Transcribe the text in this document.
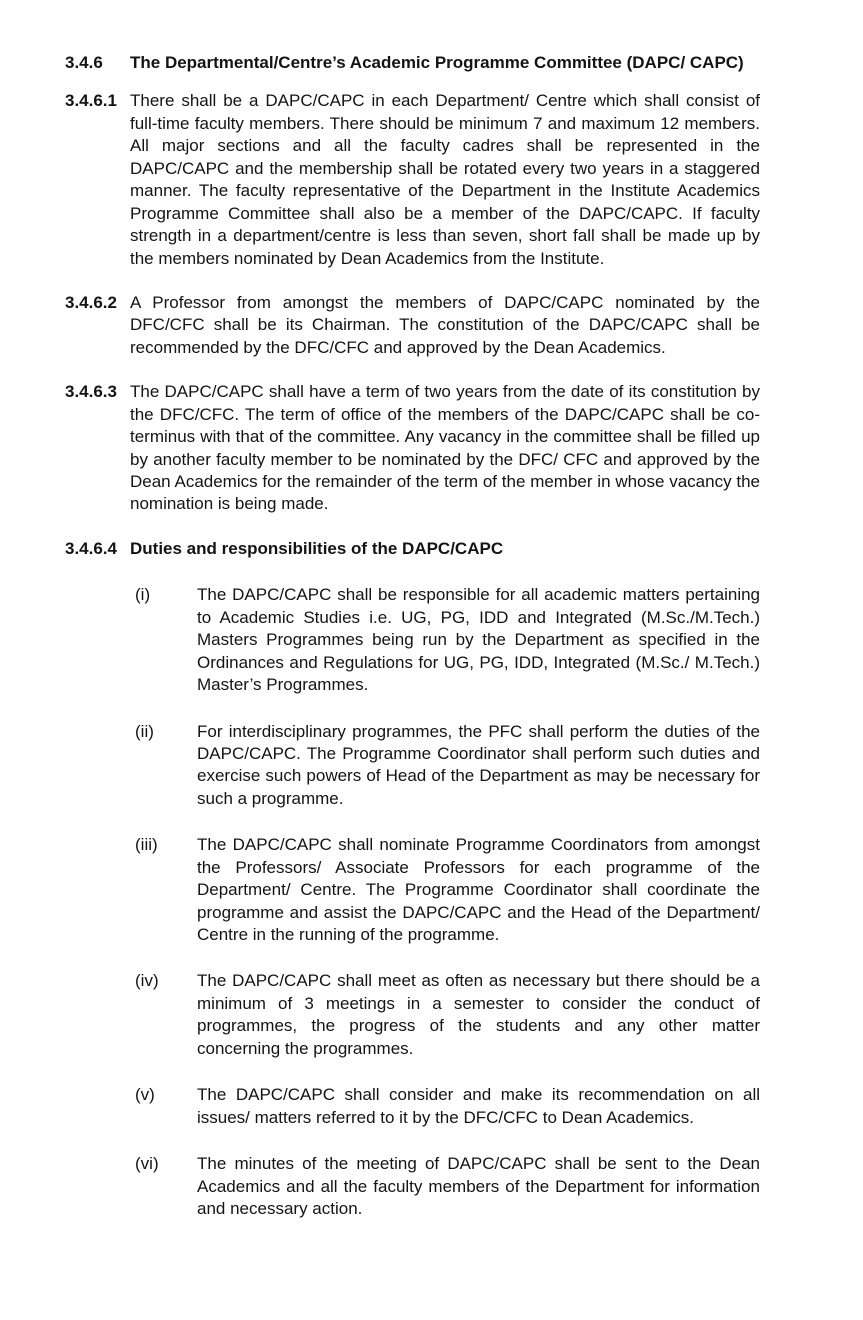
3.4.6	The Departmental/Centre’s Academic Programme Committee (DAPC/ CAPC)
3.4.6.1 There shall be a DAPC/CAPC in each Department/ Centre which shall consist of full-time faculty members. There should be minimum 7 and maximum 12 members. All major sections and all the faculty cadres shall be represented in the DAPC/CAPC and the membership shall be rotated every two years in a staggered manner. The faculty representative of the Department in the Institute Academics Programme Committee shall also be a member of the DAPC/CAPC. If faculty strength in a department/centre is less than seven, short fall shall be made up by the members nominated by Dean Academics from the Institute.
3.4.6.2 A Professor from amongst the members of DAPC/CAPC nominated by the DFC/CFC shall be its Chairman. The constitution of the DAPC/CAPC shall be recommended by the DFC/CFC and approved by the Dean Academics.
3.4.6.3 The DAPC/CAPC shall have a term of two years from the date of its constitution by the DFC/CFC. The term of office of the members of the DAPC/CAPC shall be co-terminus with that of the committee. Any vacancy in the committee shall be filled up by another faculty member to be nominated by the DFC/ CFC and approved by the Dean Academics for the remainder of the term of the member in whose vacancy the nomination is being made.
3.4.6.4 Duties and responsibilities of the DAPC/CAPC
(i)	The DAPC/CAPC shall be responsible for all academic matters pertaining to Academic Studies i.e. UG, PG, IDD and Integrated (M.Sc./M.Tech.) Masters Programmes being run by the Department as specified in the Ordinances and Regulations for UG, PG, IDD, Integrated (M.Sc./ M.Tech.) Master’s Programmes.
(ii)	For interdisciplinary programmes, the PFC shall perform the duties of the DAPC/CAPC. The Programme Coordinator shall perform such duties and exercise such powers of Head of the Department as may be necessary for such a programme.
(iii)	The DAPC/CAPC shall nominate Programme Coordinators from amongst the Professors/ Associate Professors for each programme of the Department/ Centre. The Programme Coordinator shall coordinate the programme and assist the DAPC/CAPC and the Head of the Department/ Centre in the running of the programme.
(iv)	The DAPC/CAPC shall meet as often as necessary but there should be a minimum of 3 meetings in a semester to consider the conduct of programmes, the progress of the students and any other matter concerning the programmes.
(v)	The DAPC/CAPC shall consider and make its recommendation on all issues/ matters referred to it by the DFC/CFC to Dean Academics.
(vi)	The minutes of the meeting of DAPC/CAPC shall be sent to the Dean Academics and all the faculty members of the Department for information and necessary action.
